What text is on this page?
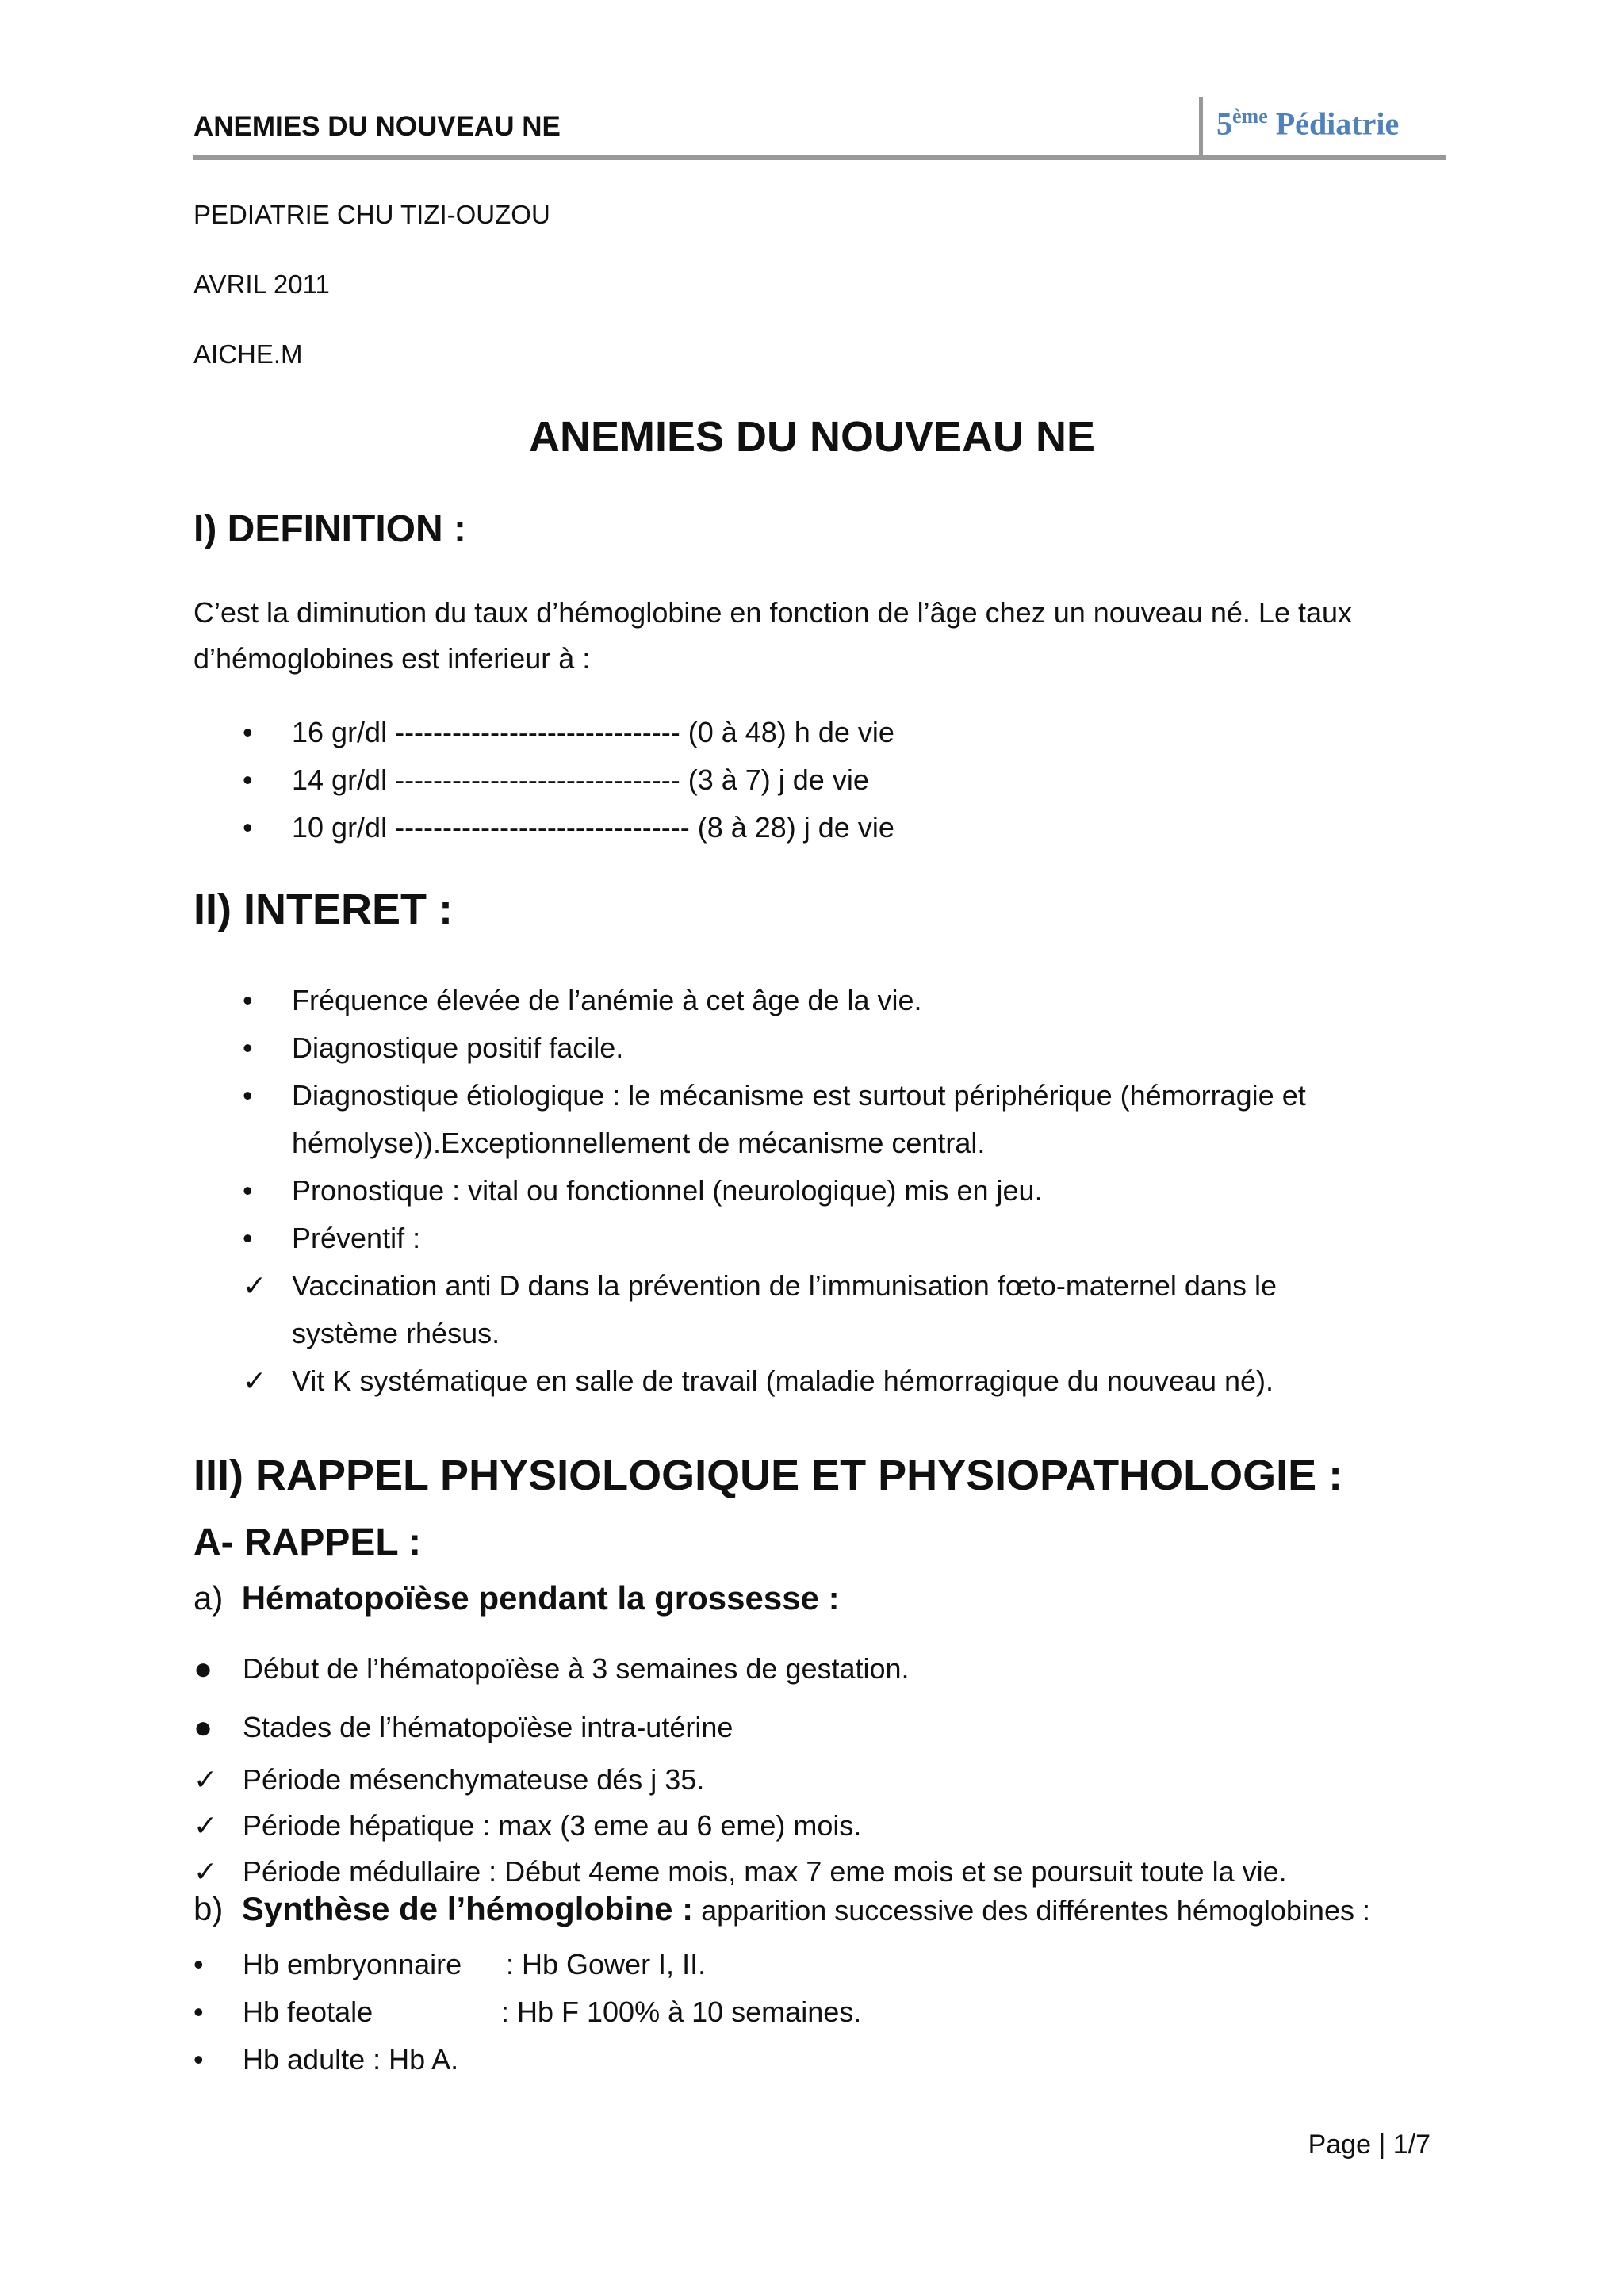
ANEMIES DU NOUVEAU NE	5ème Pédiatrie
PEDIATRIE CHU TIZI-OUZOU
AVRIL 2011
AICHE.M
ANEMIES DU NOUVEAU NE
I) DEFINITION :
C’est la diminution du taux d’hémoglobine en fonction de l’âge chez un nouveau né. Le taux
d’hémoglobines est inferieur à :
• 16 gr/dl ------------------------------ (0 à 48) h de vie
• 14 gr/dl ------------------------------ (3 à 7) j de vie
• 10 gr/dl ------------------------------- (8 à 28) j de vie
II) INTERET :
• Fréquence élevée de l’anémie à cet âge de la vie.
• Diagnostique positif facile.
• Diagnostique étiologique : le mécanisme est surtout périphérique (hémorragie et
hémolyse)).Exceptionnellement de mécanisme central.
• Pronostique : vital ou fonctionnel (neurologique) mis en jeu.
• Préventif :
✓ Vaccination anti D dans la prévention de l’immunisation fœto-maternel dans le
système rhésus.
✓ Vit K systématique en salle de travail (maladie hémorragique du nouveau né).
III) RAPPEL PHYSIOLOGIQUE ET PHYSIOPATHOLOGIE :
A- RAPPEL :
a) Hématopoïèse pendant la grossesse :
● Début de l’hématopoïèse à 3 semaines de gestation.
● Stades de l’hématopoïèse intra-utérine
✓ Période mésenchymateuse dés j 35.
✓ Période hépatique : max (3 eme au 6 eme) mois.
✓ Période médullaire : Début 4eme mois, max 7 eme mois et se poursuit toute la vie.
b) Synthèse de l’hémoglobine : apparition successive des différentes hémoglobines :
• Hb embryonnaire : Hb Gower I, II.
• Hb feotale	: Hb F 100% à 10 semaines.
• Hb adulte : Hb A.
Page | 1/7
